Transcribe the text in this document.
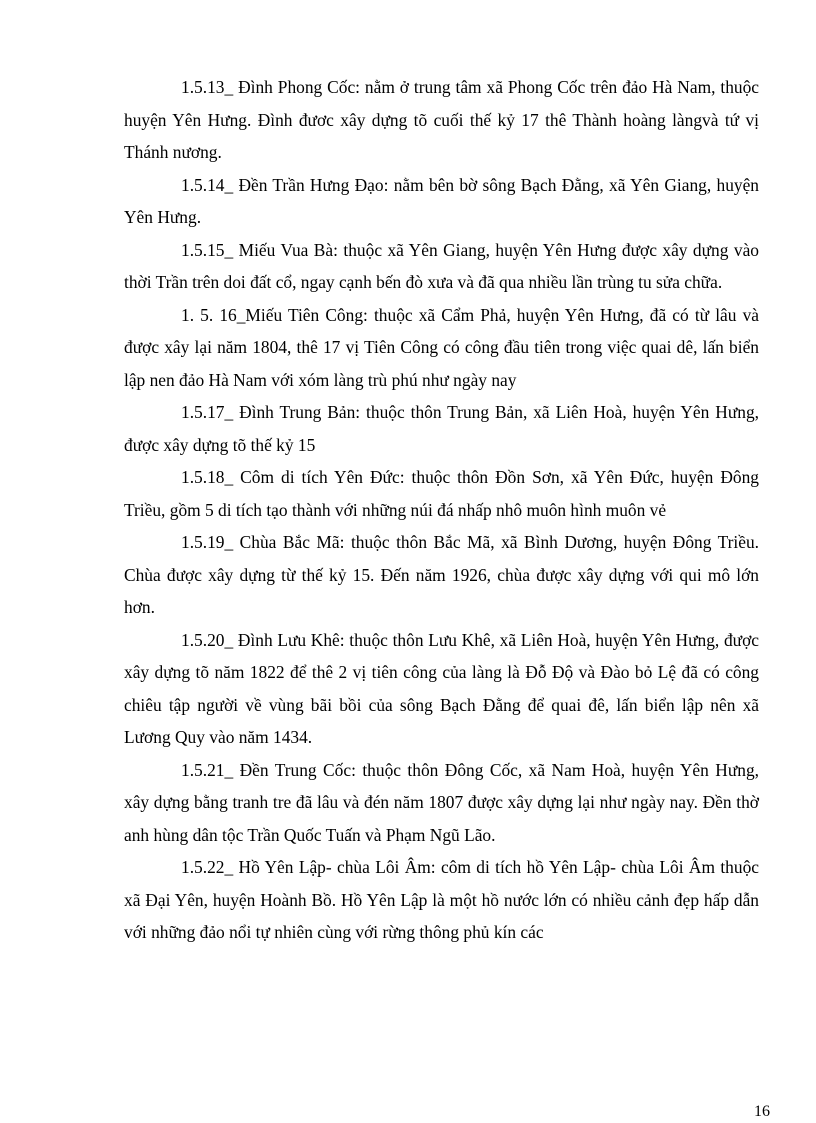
1.5.13_ Đình Phong Cốc: nằm ở trung tâm xã Phong Cốc trên đảo Hà Nam, thuộc huyện Yên Hưng. Đình đươc xây dựng tõ cuối thế kỷ 17 thê Thành hoàng làngvà tứ vị Thánh nương.

1.5.14_ Đền Trần Hưng Đạo: nằm bên bờ sông Bạch Đằng, xã Yên Giang, huyện Yên Hưng.

1.5.15_ Miếu Vua Bà: thuộc xã Yên Giang, huyện Yên Hưng được xây dựng vào thời Trần trên doi đất cổ, ngay cạnh bến đò xưa và đã qua nhiều lần trùng tu sửa chữa.

1. 5. 16_Miếu Tiên Công: thuộc xã Cẩm Phả, huyện Yên Hưng, đã có từ lâu và được xây lại năm 1804, thê 17 vị Tiên Công có công đầu tiên trong việc quai dê, lấn biển lập nen đảo Hà Nam với xóm làng trù phú như ngày nay

1.5.17_ Đình Trung Bản: thuộc thôn Trung Bản, xã Liên Hoà, huyện Yên Hưng, được xây dựng tõ thế kỷ 15

1.5.18_ Côm di tích Yên Đức: thuộc thôn Đồn Sơn, xã Yên Đức, huyện Đông Triều, gồm 5 di tích tạo thành với những núi đá nhấp nhô muôn hình muôn vẻ

1.5.19_ Chùa Bắc Mã: thuộc thôn Bắc Mã, xã Bình Dương, huyện Đông Triều. Chùa được xây dựng từ thế kỷ 15. Đến năm 1926, chùa được xây dựng với qui mô lớn hơn.

1.5.20_ Đình Lưu Khê: thuộc thôn Lưu Khê, xã Liên Hoà, huyện Yên Hưng, được xây dựng tõ năm 1822 để thê 2 vị tiên công của làng là Đỗ Độ và Đào bỏ Lệ đã có công chiêu tập người về vùng bãi bồi của sông Bạch Đằng để quai đê, lấn biển lập nên xã Lương Quy vào năm 1434.

1.5.21_ Đền Trung Cốc: thuộc thôn Đông Cốc, xã Nam Hoà, huyện Yên Hưng, xây dựng bằng tranh tre đã lâu và đén năm 1807 được xây dựng lại như ngày nay. Đền thờ anh hùng dân tộc Trần Quốc Tuấn và Phạm Ngũ Lão.

1.5.22_ Hồ Yên Lập- chùa Lôi Âm: côm di tích hồ Yên Lập- chùa Lôi Âm thuộc xã Đại Yên, huyện Hoành Bồ. Hồ Yên Lập là một hồ nước lớn có nhiều cảnh đẹp hấp dẫn với những đảo nổi tự nhiên cùng với rừng thông phủ kín các

16
